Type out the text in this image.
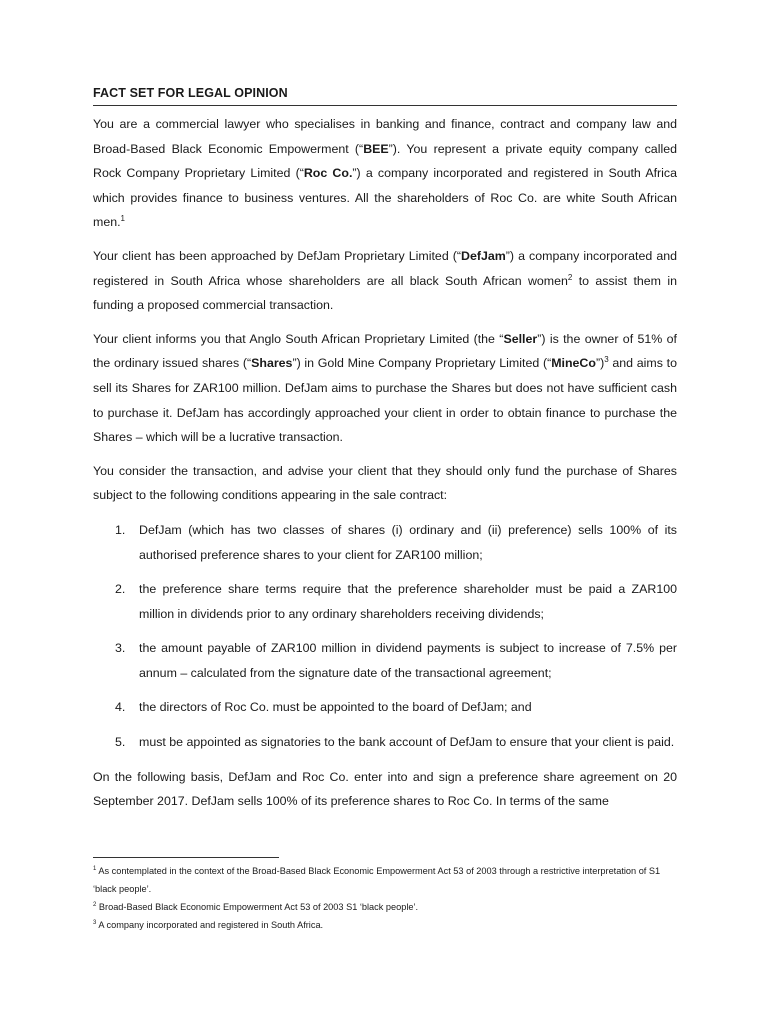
FACT SET FOR LEGAL OPINION

You are a commercial lawyer who specialises in banking and finance, contract and company law and Broad-Based Black Economic Empowerment (“BEE”). You represent a private equity company called Rock Company Proprietary Limited (“Roc Co.”) a company incorporated and registered in South Africa which provides finance to business ventures. All the shareholders of Roc Co. are white South African men.$^1$

Your client has been approached by DefJam Proprietary Limited (“DefJam”) a company incorporated and registered in South Africa whose shareholders are all black South African women$^2$ to assist them in funding a proposed commercial transaction.

Your client informs you that Anglo South African Proprietary Limited (the “Seller”) is the owner of 51% of the ordinary issued shares (“Shares”) in Gold Mine Company Proprietary Limited (“MineCo”)$^3$ and aims to sell its Shares for ZAR100 million. DefJam aims to purchase the Shares but does not have sufficient cash to purchase it. DefJam has accordingly approached your client in order to obtain finance to purchase the Shares – which will be a lucrative transaction.

You consider the transaction, and advise your client that they should only fund the purchase of Shares subject to the following conditions appearing in the sale contract:

1. DefJam (which has two classes of shares (i) ordinary and (ii) preference) sells 100% of its authorised preference shares to your client for ZAR100 million;
2. the preference share terms require that the preference shareholder must be paid a ZAR100 million in dividends prior to any ordinary shareholders receiving dividends;
3. the amount payable of ZAR100 million in dividend payments is subject to increase of 7.5% per annum – calculated from the signature date of the transactional agreement;
4. the directors of Roc Co. must be appointed to the board of DefJam; and
5. must be appointed as signatories to the bank account of DefJam to ensure that your client is paid.

On the following basis, DefJam and Roc Co. enter into and sign a preference share agreement on 20 September 2017. DefJam sells 100% of its preference shares to Roc Co. In terms of the same

$^1$ As contemplated in the context of the Broad-Based Black Economic Empowerment Act 53 of 2003 through a restrictive interpretation of S1 ‘black people’.

$^2$ Broad-Based Black Economic Empowerment Act 53 of 2003 S1 ‘black people’.

$^3$ A company incorporated and registered in South Africa.
